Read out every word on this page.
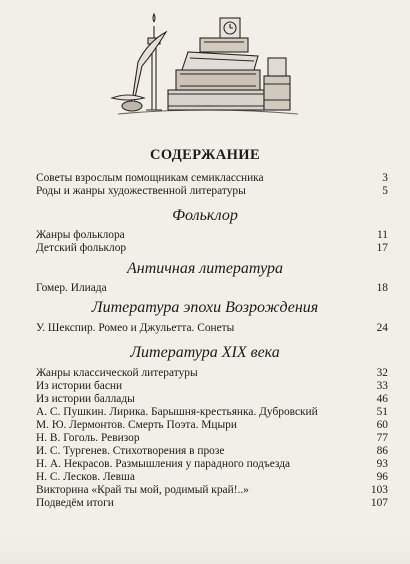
СОДЕРЖАНИЕ
Советы взрослым помощникам семиклассника	3
Роды и жанры художественной литературы	5
Фольклор
Жанры фольклора	11
Детский фольклор	17
Античная литература
Гомер. Илиада	18
Литература эпохи Возрождения
У. Шекспир. Ромео и Джульетта. Сонеты	24
Литература XIX века
Жанры классической литературы	32
Из истории басни	33
Из истории баллады	46
А. С. Пушкин. Лирика. Барышня-крестьянка. Дубровский	51
М. Ю. Лермонтов. Смерть Поэта. Мцыри	60
Н. В. Гоголь. Ревизор	77
И. С. Тургенев. Стихотворения в прозе	86
Н. А. Некрасов. Размышления у парадного подъезда	93
Н. С. Лесков. Левша	96
Викторина «Край ты мой, родимый край!..»	103
Подведём итоги	107
